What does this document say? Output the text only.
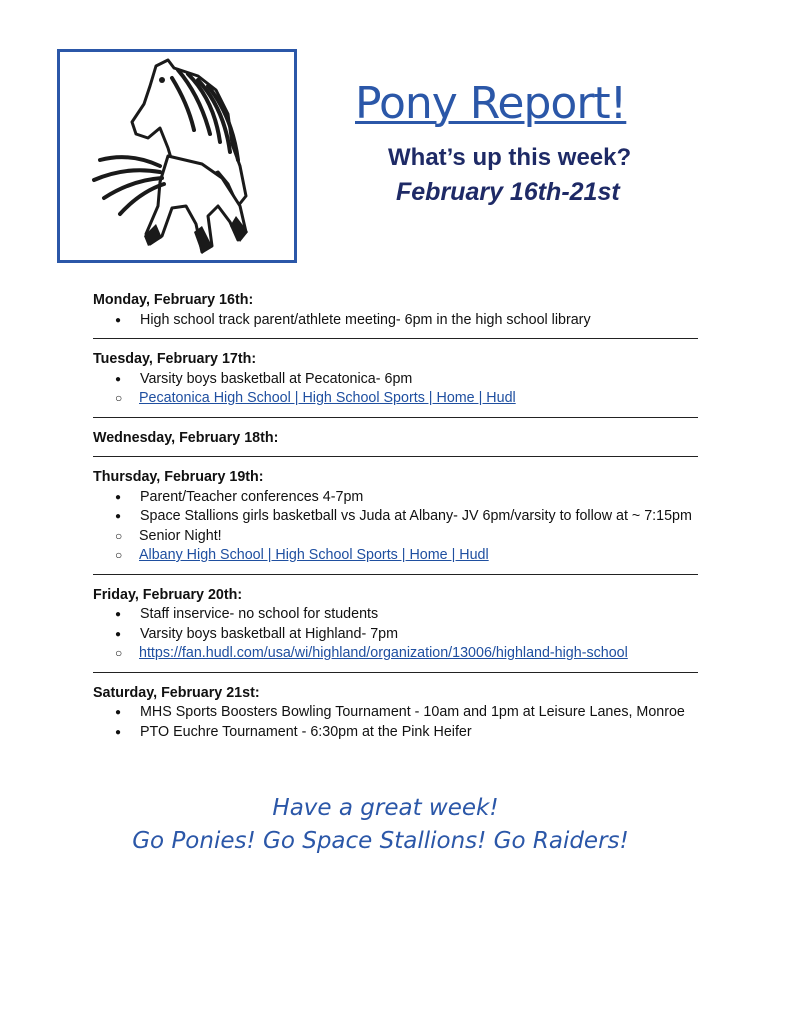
Pony Report!
What’s up this week?
February 16th-21st
Monday, February 16th:
● High school track parent/athlete meeting- 6pm in the high school library
Tuesday, February 17th:
● Varsity boys basketball at Pecatonica- 6pm
○ Pecatonica High School | High School Sports | Home | Hudl
Wednesday, February 18th:
Thursday, February 19th:
● Parent/Teacher conferences 4-7pm
● Space Stallions girls basketball vs Juda at Albany- JV 6pm/varsity to follow at ~ 7:15pm
○ Senior Night!
○ Albany High School | High School Sports | Home | Hudl
Friday, February 20th:
● Staff inservice- no school for students
● Varsity boys basketball at Highland- 7pm
○ https://fan.hudl.com/usa/wi/highland/organization/13006/highland-high-school
Saturday, February 21st:
● MHS Sports Boosters Bowling Tournament - 10am and 1pm at Leisure Lanes, Monroe
● PTO Euchre Tournament - 6:30pm at the Pink Heifer
Have a great week!
Go Ponies! Go Space Stallions! Go Raiders!
